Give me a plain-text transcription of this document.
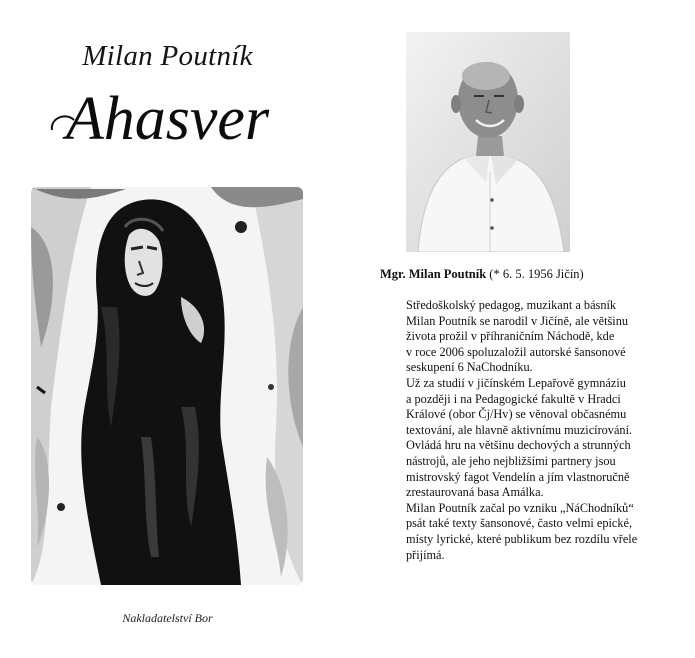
Milan Poutník
Ahasver
Nakladatelství Bor
Mgr. Milan Poutník (* 6. 5. 1956 Jičín)

Středoškolský pedagog, muzikant a básník
Milan Poutník se narodil v Jičíně, ale většinu
života prožil v příhraničním Náchodě, kde
v roce 2006 spoluzaložil autorské šansonové
seskupení 6 NaChodníku.

Už za studií v jičínském Lepařově gymnáziu
a později i na Pedagogické fakultě v Hradci
Králové (obor Čj/Hv) se věnoval občasnému
textování, ale hlavně aktivnímu muzicírování.
Ovládá hru na většinu dechových a strunných
nástrojů, ale jeho nejbližšími partnery jsou
mistrovský fagot Vendelín a jím vlastnoručně
zrestaurovaná basa Amálka.

Milan Poutník začal po vzniku „NáChodníků“
psát také texty šansonové, často velmi epické,
místy lyrické, které publikum bez rozdílu vřele
přijímá.
